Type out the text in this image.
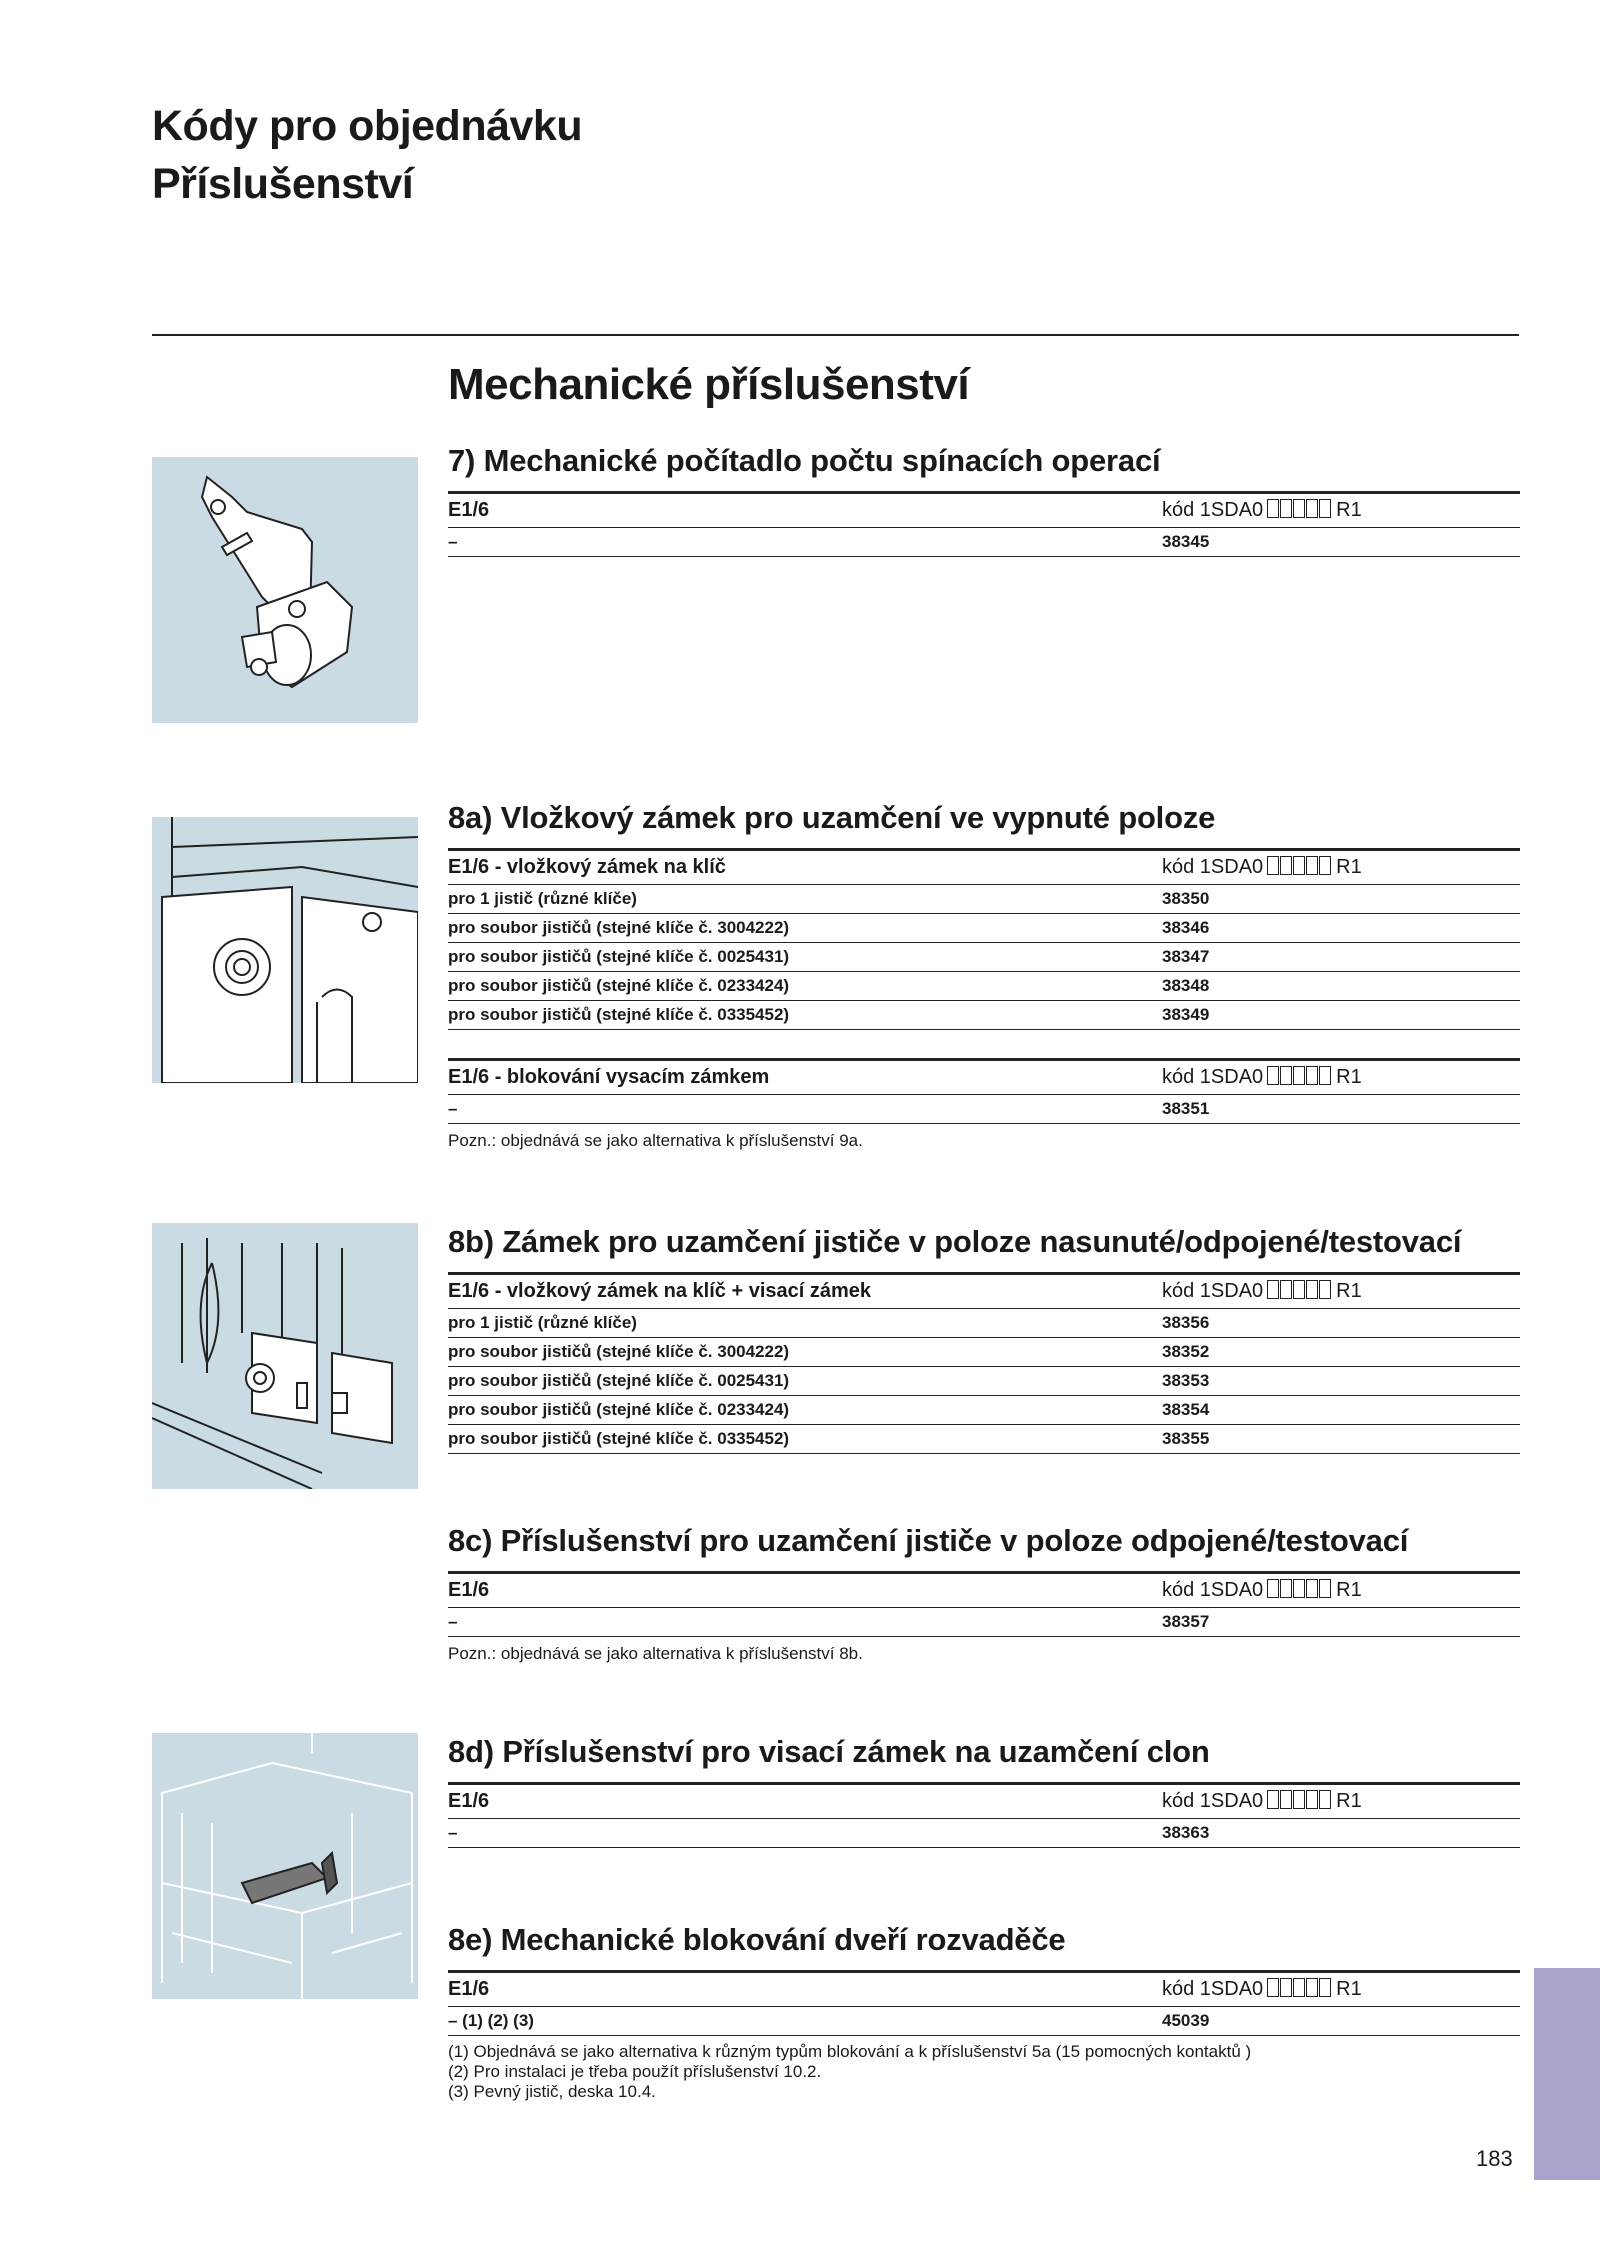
Kódy pro objednávku
Příslušenství
Mechanické příslušenství
7) Mechanické počítadlo počtu spínacích operací
E1/6	kód 1SDA0	R1
–	38345
8a) Vložkový zámek pro uzamčení ve vypnuté poloze
E1/6 - vložkový zámek na klíč	kód 1SDA0	R1
pro 1 jistič (různé klíče)	38350
pro soubor jističů (stejné klíče č. 3004222)	38346
pro soubor jističů (stejné klíče č. 0025431)	38347
pro soubor jističů (stejné klíče č. 0233424)	38348
pro soubor jističů (stejné klíče č. 0335452)	38349
E1/6 - blokování vysacím zámkem	kód 1SDA0	R1
–	38351
Pozn.: objednává se jako alternativa k příslušenství 9a.
8b) Zámek pro uzamčení jističe v poloze nasunuté/odpojené/testovací
E1/6 - vložkový zámek na klíč + visací zámek	kód 1SDA0	R1
pro 1 jistič (různé klíče)	38356
pro soubor jističů (stejné klíče č. 3004222)	38352
pro soubor jističů (stejné klíče č. 0025431)	38353
pro soubor jističů (stejné klíče č. 0233424)	38354
pro soubor jističů (stejné klíče č. 0335452)	38355
8c) Příslušenství pro uzamčení jističe v poloze odpojené/testovací
E1/6	kód 1SDA0	R1
–	38357
Pozn.: objednává se jako alternativa k příslušenství 8b.
8d) Příslušenství pro visací zámek na uzamčení clon
E1/6	kód 1SDA0	R1
–	38363
8e) Mechanické blokování dveří rozvaděče
E1/6	kód 1SDA0	R1
– (1) (2) (3)	45039
(1) Objednává se jako alternativa k různým typům blokování a k příslušenství 5a (15 pomocných kontaktů )
(2) Pro instalaci je třeba použít příslušenství 10.2.
(3) Pevný jistič, deska 10.4.
183
